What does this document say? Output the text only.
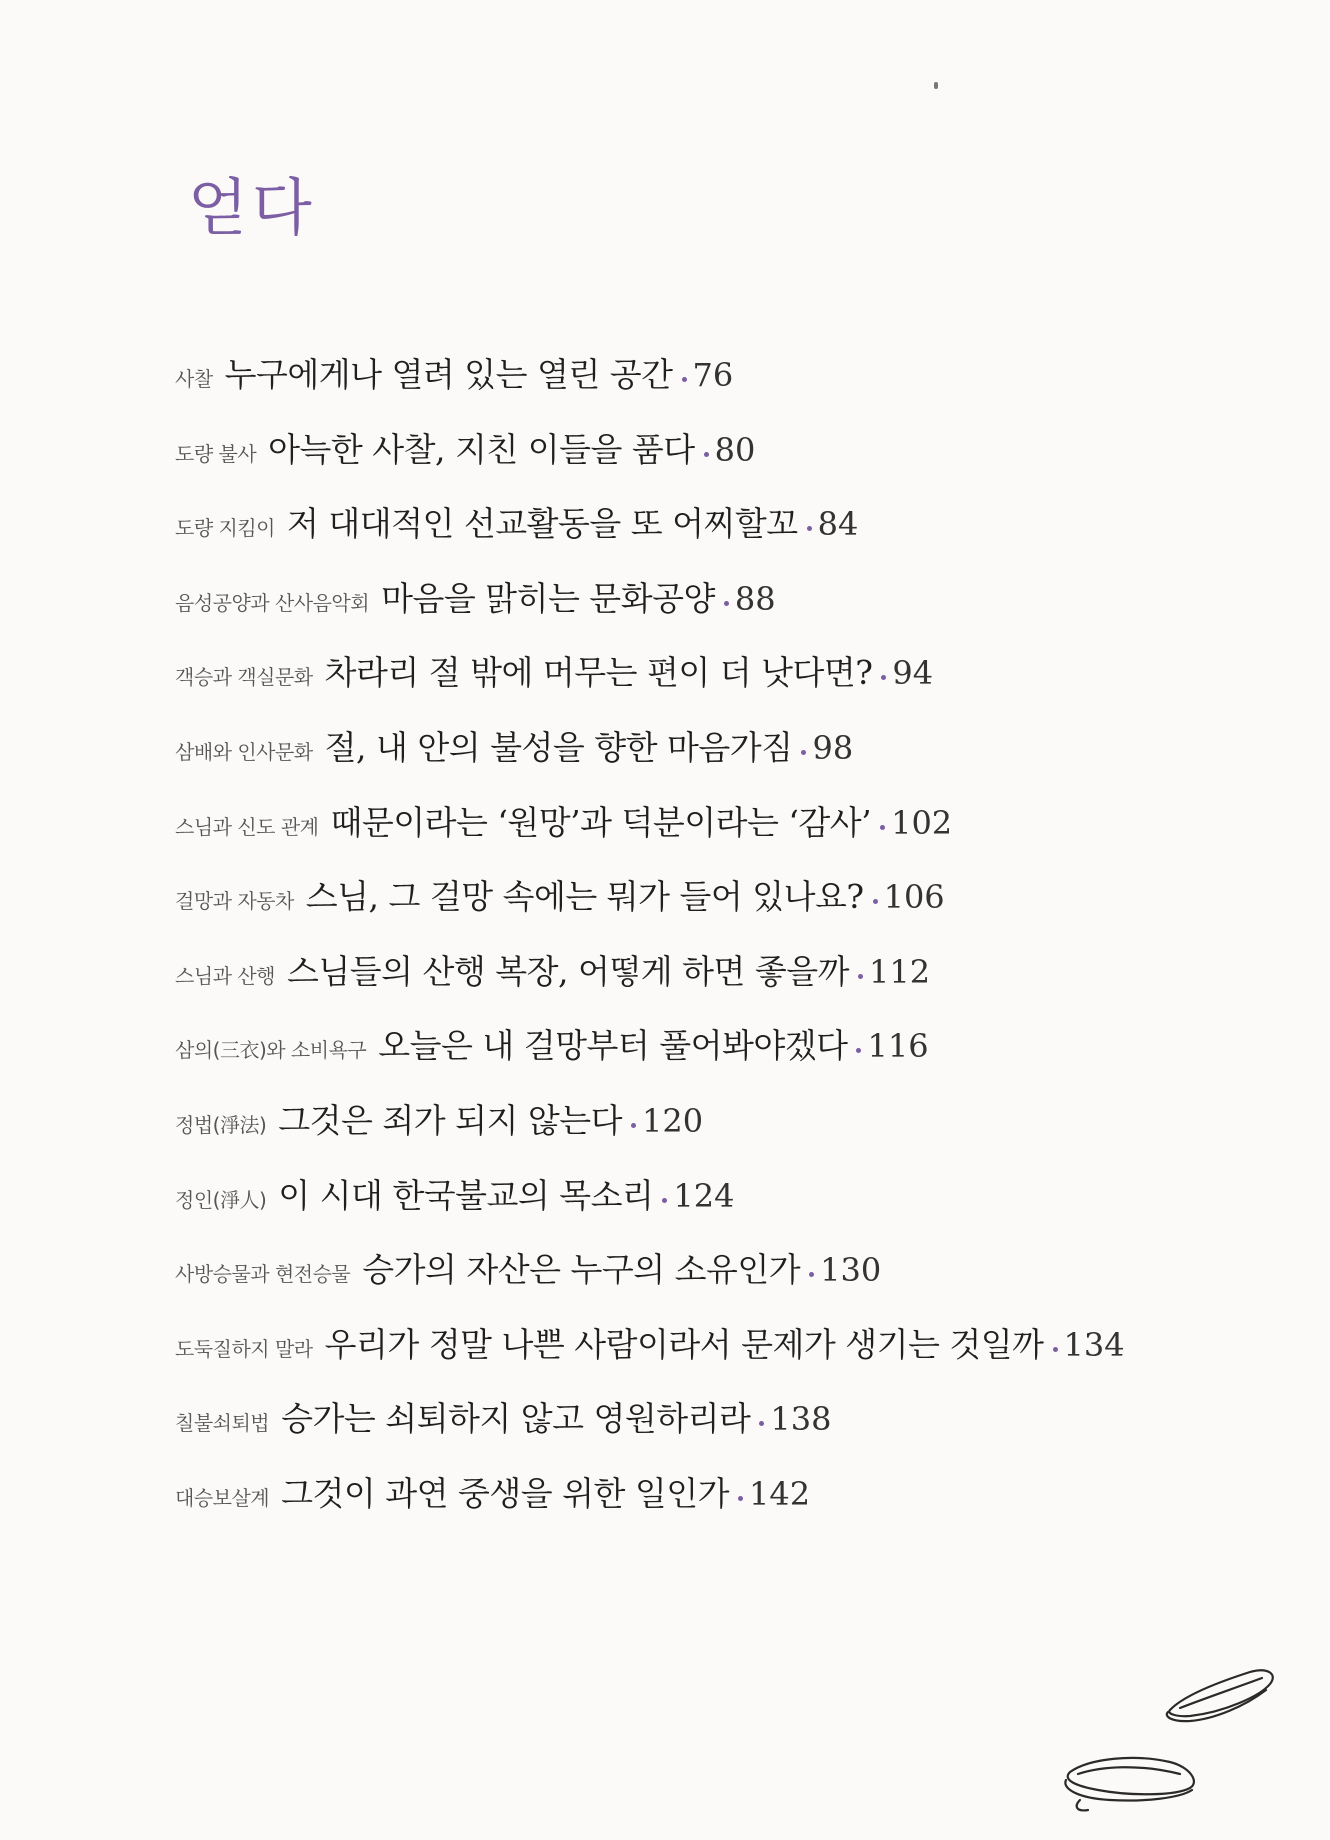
얻다
사찰 누구에게나 열려 있는 열린 공간 76
도량 불사 아늑한 사찰, 지친 이들을 품다 80
도량 지킴이 저 대대적인 선교활동을 또 어찌할꼬 84
음성공양과 산사음악회 마음을 맑히는 문화공양 88
객승과 객실문화 차라리 절 밖에 머무는 편이 더 낫다면? 94
삼배와 인사문화 절, 내 안의 불성을 향한 마음가짐 98
스님과 신도 관계 때문이라는 ‘원망’과 덕분이라는 ‘감사’ 102
걸망과 자동차 스님, 그 걸망 속에는 뭐가 들어 있나요? 106
스님과 산행 스님들의 산행 복장, 어떻게 하면 좋을까 112
삼의(三衣)와 소비욕구 오늘은 내 걸망부터 풀어봐야겠다 116
정법(淨法) 그것은 죄가 되지 않는다 120
정인(淨人) 이 시대 한국불교의 목소리 124
사방승물과 현전승물 승가의 자산은 누구의 소유인가 130
도둑질하지 말라 우리가 정말 나쁜 사람이라서 문제가 생기는 것일까 134
칠불쇠퇴법 승가는 쇠퇴하지 않고 영원하리라 138
대승보살계 그것이 과연 중생을 위한 일인가 142
